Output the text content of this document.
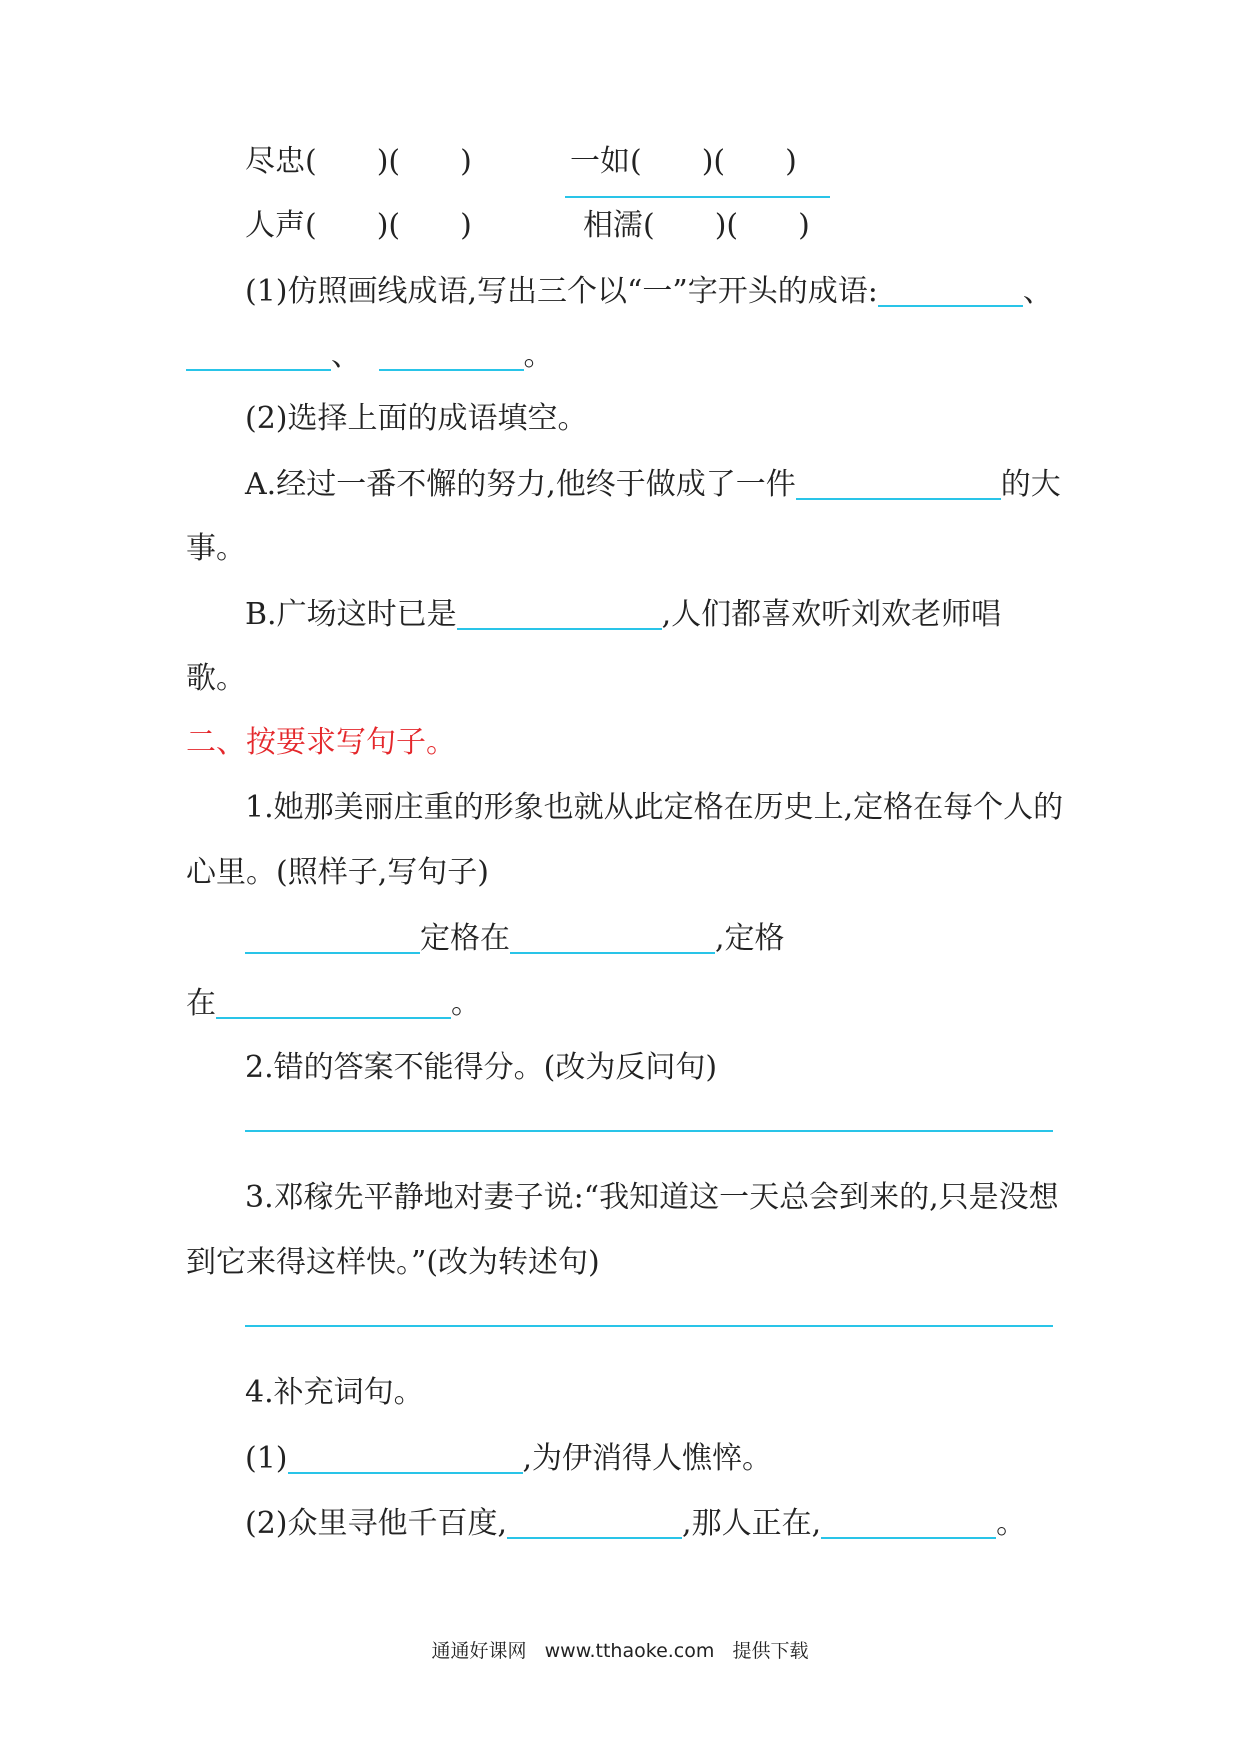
尽忠(　　)(　　)	一如(　　)(　　)
人声(　　)(　　)	相濡(　　)(　　)
(1)仿照画线成语,写出三个以“一”字开头的成语:	、
、	。
(2)选择上面的成语填空。
A.经过一番不懈的努力,他终于做成了一件	的大
事。
B.广场这时已是	,人们都喜欢听刘欢老师唱
歌。
二、按要求写句子。
1.她那美丽庄重的形象也就从此定格在历史上,定格在每个人的
心里。(照样子,写句子)
定格在	,定格
在	。
2.错的答案不能得分。(改为反问句)
3.邓稼先平静地对妻子说:“我知道这一天总会到来的,只是没想
到它来得这样快。”(改为转述句)
4.补充词句。
(1)	,为伊消得人憔悴。
(2)众里寻他千百度,	,那人正在,	。
通通好课网   www.tthaoke.com   提供下载
